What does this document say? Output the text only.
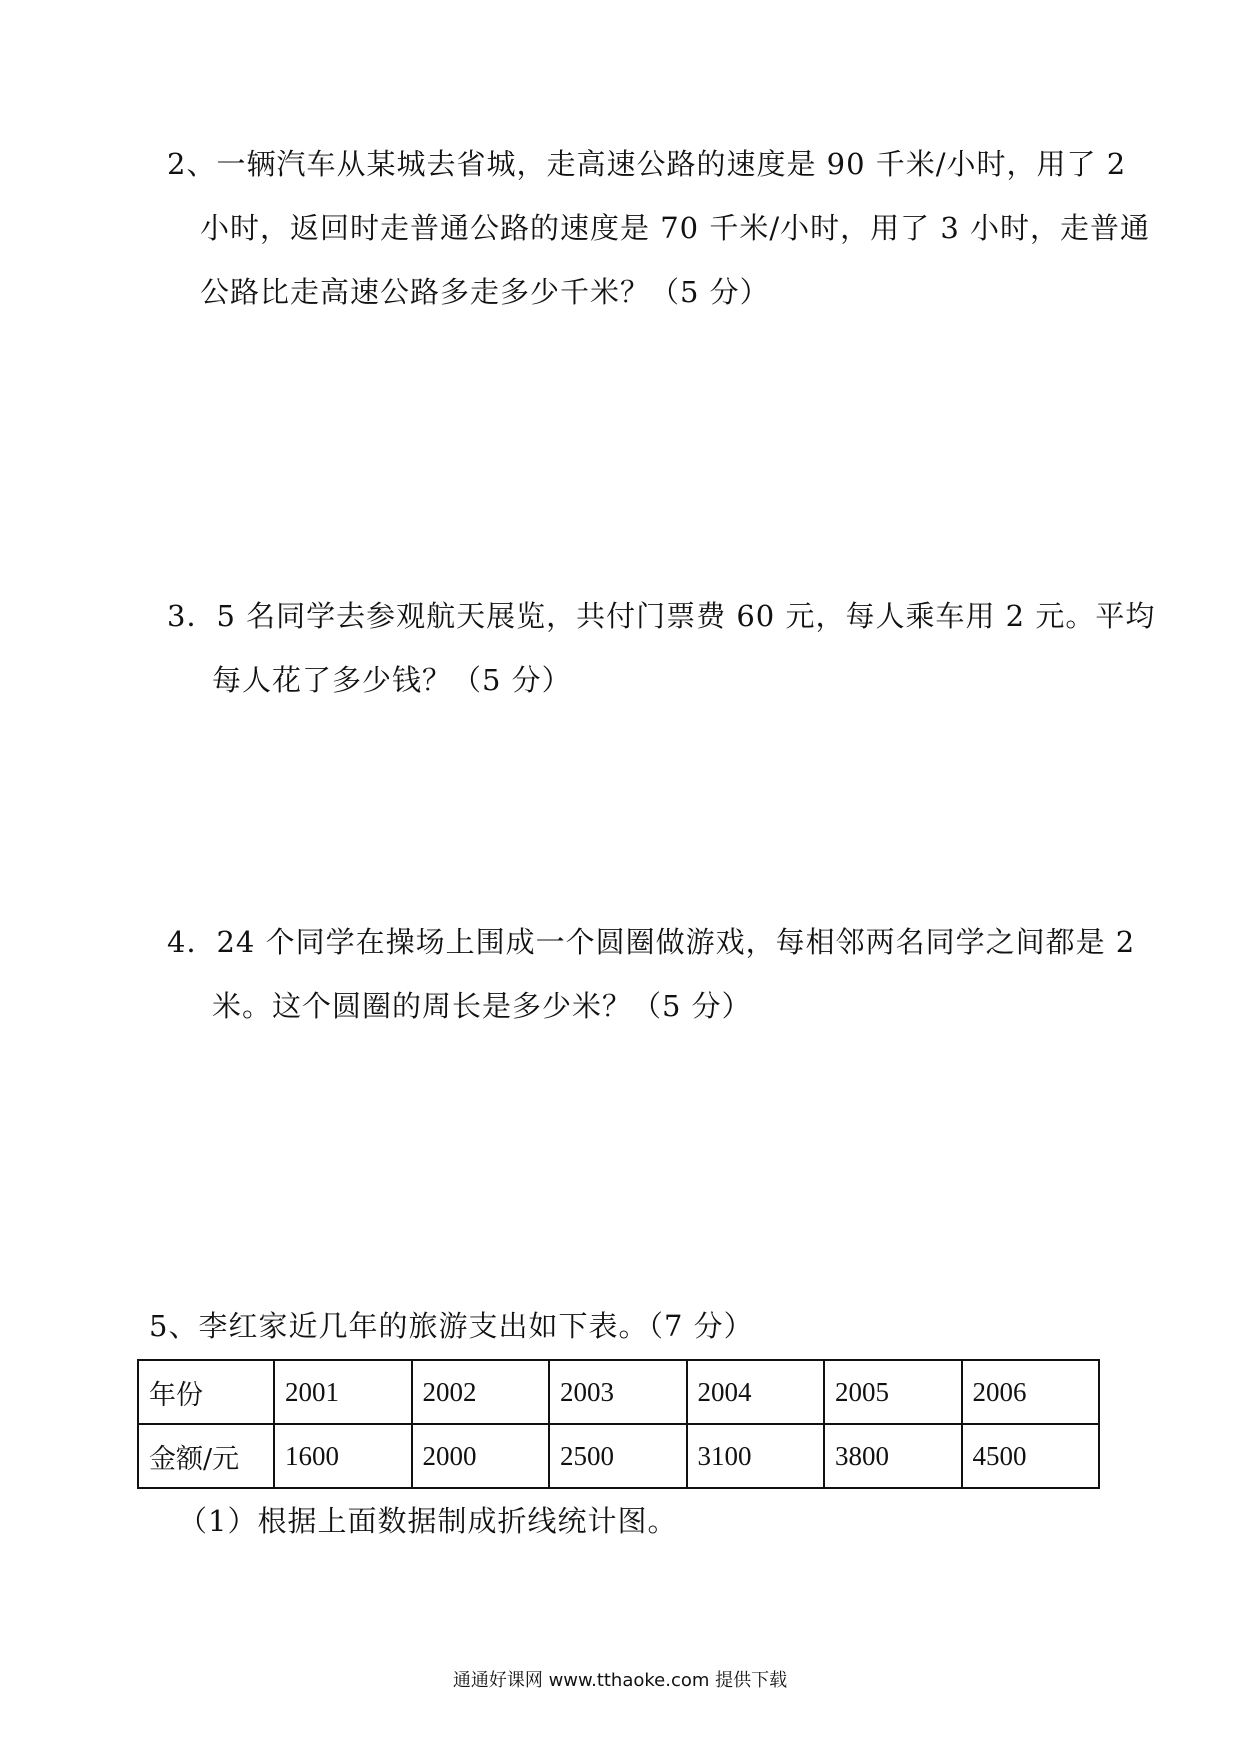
2、一辆汽车从某城去省城，走高速公路的速度是 90 千米/小时，用了 2
小时，返回时走普通公路的速度是 70 千米/小时，用了 3 小时，走普通
公路比走高速公路多走多少千米？（5 分）
3．5 名同学去参观航天展览，共付门票费 60 元，每人乘车用 2 元。平均
每人花了多少钱？（5 分）
4．24 个同学在操场上围成一个圆圈做游戏，每相邻两名同学之间都是 2
米。这个圆圈的周长是多少米？（5 分）
5、李红家近几年的旅游支出如下表。（7 分）
年份	2001	2002	2003	2004	2005	2006
金额/元	1600	2000	2500	3100	3800	4500
（1）根据上面数据制成折线统计图。
通通好课网 www.tthaoke.com 提供下载
